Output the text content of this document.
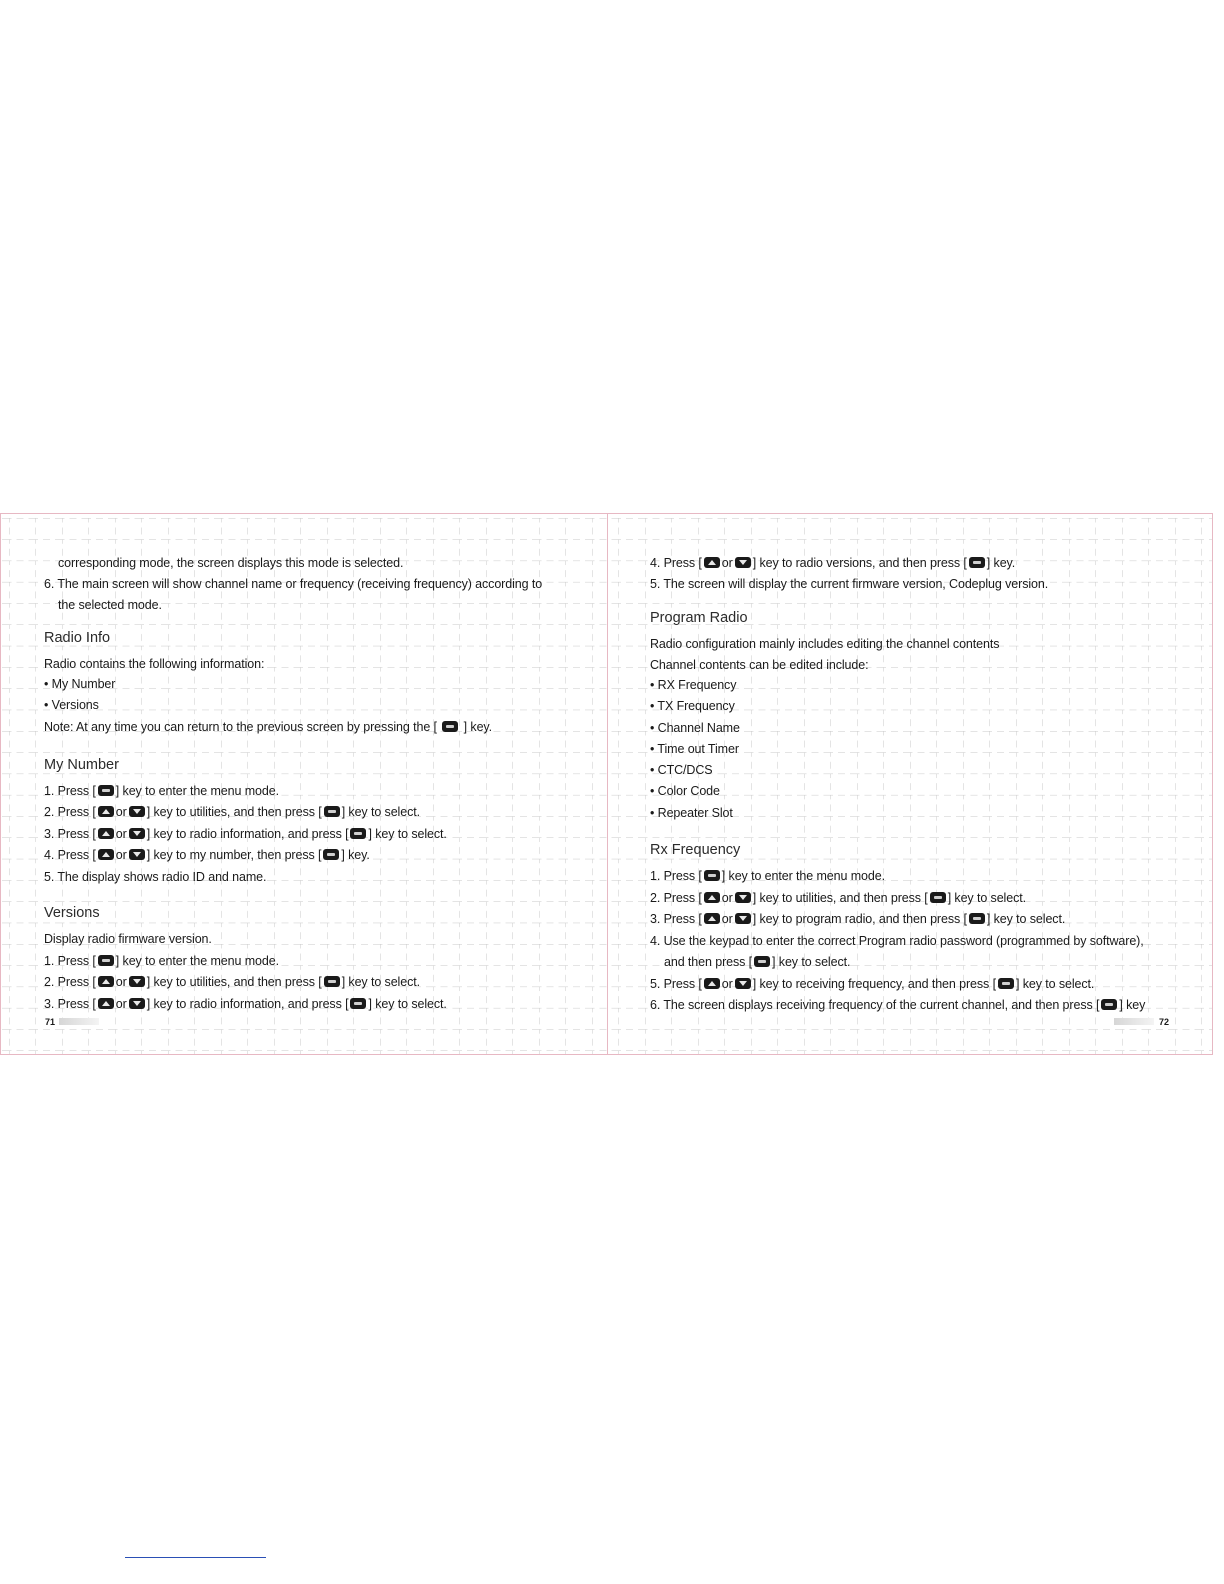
corresponding mode, the screen displays this mode is selected.
6. The main screen will show channel name or frequency (receiving frequency) according to
the selected mode.
Radio Info
Radio contains the following information:
• My Number
• Versions
Note: At any time you can return to the previous screen by pressing the [ ] key.
My Number
1. Press [ ] key to enter the menu mode.
2. Press [ or ] key to utilities, and then press [ ] key to select.
3. Press [ or ] key to radio information, and press [ ] key to select.
4. Press [ or ] key to my number, then press [ ] key.
5. The display shows radio ID and name.
Versions
Display radio firmware version.
1. Press [ ] key to enter the menu mode.
2. Press [ or ] key to utilities, and then press [ ] key to select.
3. Press [ or ] key to radio information, and press [ ] key to select.
71
4. Press [ or ] key to radio versions, and then press [ ] key.
5. The screen will display the current firmware version, Codeplug version.
Program Radio
Radio configuration mainly includes editing the channel contents
Channel contents can be edited include:
• RX Frequency
• TX Frequency
• Channel Name
• Time out Timer
• CTC/DCS
• Color Code
• Repeater Slot
Rx Frequency
1. Press [ ] key to enter the menu mode.
2. Press [ or ] key to utilities, and then press [ ] key to select.
3. Press [ or ] key to program radio, and then press [ ] key to select.
4. Use the keypad to enter the correct Program radio password (programmed by software),
and then press [ ] key to select.
5. Press [ or ] key to receiving frequency, and then press [ ] key to select.
6. The screen displays receiving frequency of the current channel, and then press [ ] key
72
